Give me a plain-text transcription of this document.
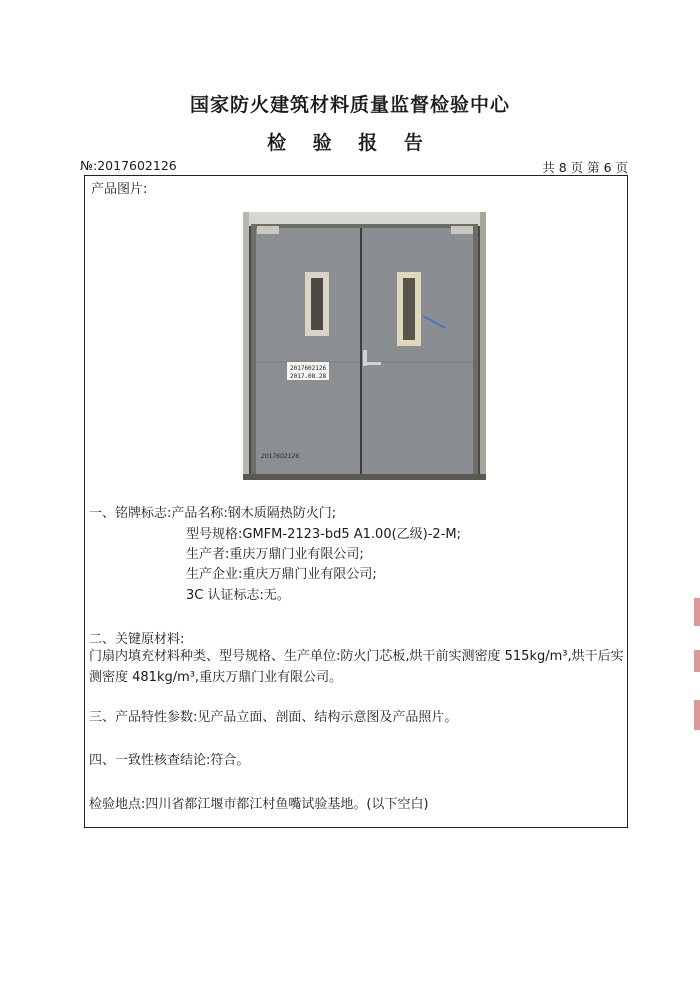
国家防火建筑材料质量监督检验中心
检 验 报 告
№:2017602126	共 8 页 第 6 页
产品图片:
2017602126
2017.08.28
2017602126
一、铭牌标志:产品名称:钢木质隔热防火门;
型号规格:GMFM-2123-bd5 A1.00(乙级)-2-M;
生产者:重庆万鼎门业有限公司;
生产企业:重庆万鼎门业有限公司;
3C 认证标志:无。
二、关键原材料:
门扇内填充材料种类、型号规格、生产单位:防火门芯板,烘干前实测密度 515kg/m³,烘干后实测密度 481kg/m³,重庆万鼎门业有限公司。
三、产品特性参数:见产品立面、剖面、结构示意图及产品照片。
四、一致性核查结论:符合。
检验地点:四川省都江堰市都江村鱼嘴试验基地。(以下空白)
